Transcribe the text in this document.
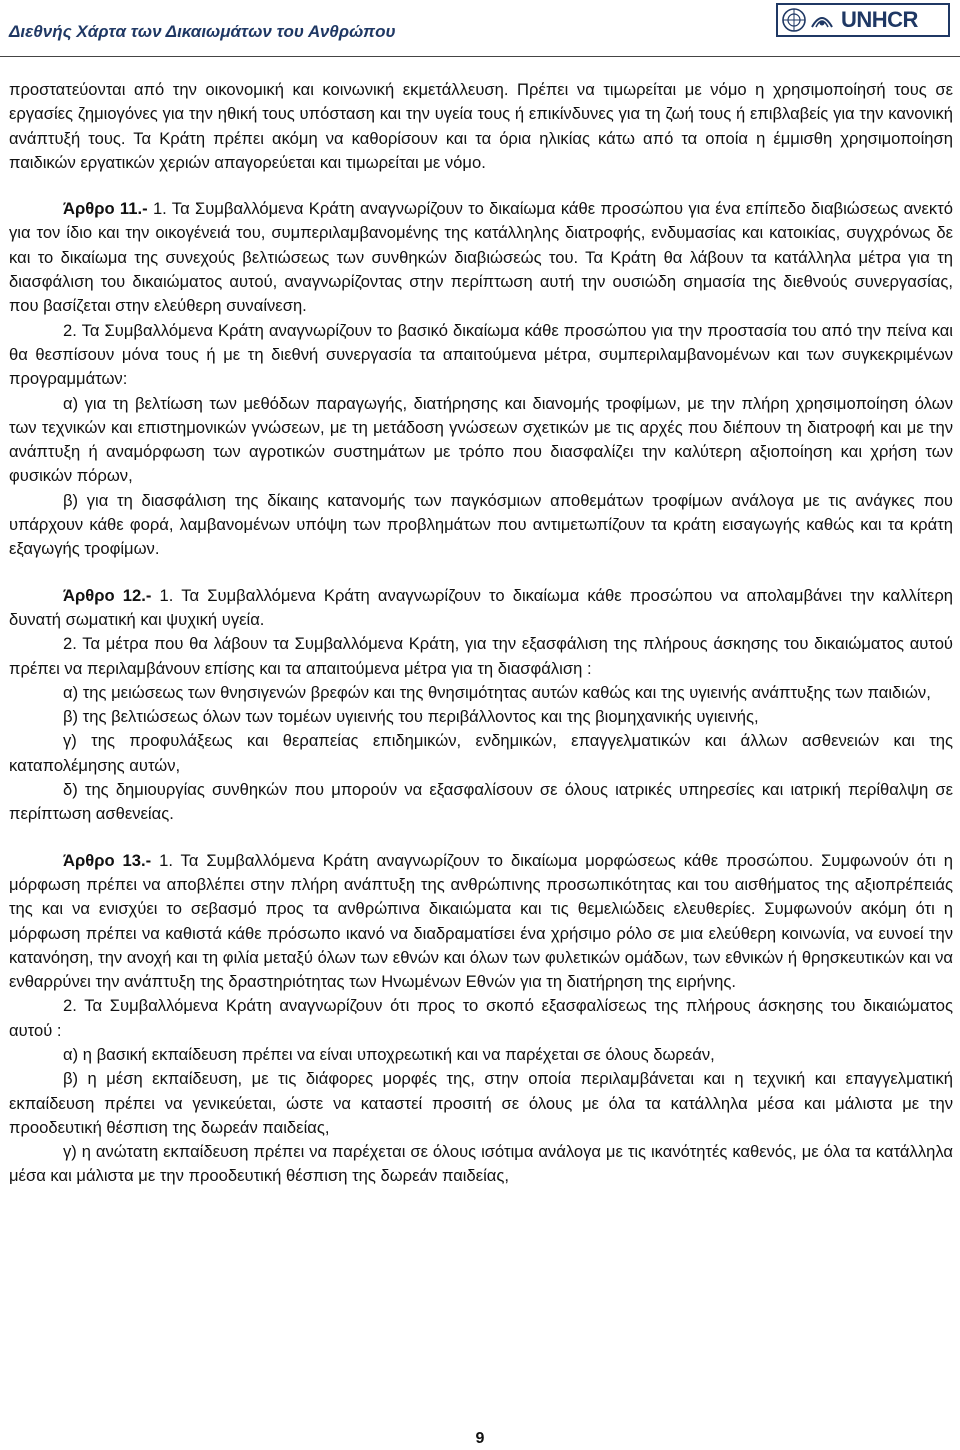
Διεθνής Χάρτα των Δικαιωμάτων του Ανθρώπου	UNHCR

προστατεύονται από την οικονομική και κοινωνική εκμετάλλευση. Πρέπει να τιμωρείται με νόμο η χρησιμοποίησή τους σε εργασίες ζημιογόνες για την ηθική τους υπόσταση και την υγεία τους ή επικίνδυνες για τη ζωή τους ή επιβλαβείς για την κανονική ανάπτυξή τους. Τα Κράτη πρέπει ακόμη να καθορίσουν και τα όρια ηλικίας κάτω από τα οποία η έμμισθη χρησιμοποίηση παιδικών εργατικών χεριών απαγορεύεται και τιμωρείται με νόμο.

Άρθρο 11.- 1. Τα Συμβαλλόμενα Κράτη αναγνωρίζουν το δικαίωμα κάθε προσώπου για ένα επίπεδο διαβιώσεως ανεκτό για τον ίδιο και την οικογένειά του, συμπεριλαμβανομένης της κατάλληλης διατροφής, ενδυμασίας και κατοικίας, συγχρόνως δε και το δικαίωμα της συνεχούς βελτιώσεως των συνθηκών διαβιώσεώς του. Τα Κράτη θα λάβουν τα κατάλληλα μέτρα για τη διασφάλιση του δικαιώματος αυτού, αναγνωρίζοντας στην περίπτωση αυτή την ουσιώδη σημασία της διεθνούς συνεργασίας, που βασίζεται στην ελεύθερη συναίνεση.

2. Τα Συμβαλλόμενα Κράτη αναγνωρίζουν το βασικό δικαίωμα κάθε προσώπου για την προστασία του από την πείνα και θα θεσπίσουν μόνα τους ή με τη διεθνή συνεργασία τα απαιτούμενα μέτρα, συμπεριλαμβανομένων και των συγκεκριμένων προγραμμάτων:

α) για τη βελτίωση των μεθόδων παραγωγής, διατήρησης και διανομής τροφίμων, με την πλήρη χρησιμοποίηση όλων των τεχνικών και επιστημονικών γνώσεων, με τη μετάδοση γνώσεων σχετικών με τις αρχές που διέπουν τη διατροφή και με την ανάπτυξη ή αναμόρφωση των αγροτικών συστημάτων με τρόπο που διασφαλίζει την καλύτερη αξιοποίηση και χρήση των φυσικών πόρων,

β) για τη διασφάλιση της δίκαιης κατανομής των παγκόσμιων αποθεμάτων τροφίμων ανάλογα με τις ανάγκες που υπάρχουν κάθε φορά, λαμβανομένων υπόψη των προβλημάτων που αντιμετωπίζουν τα κράτη εισαγωγής καθώς και τα κράτη εξαγωγής τροφίμων.

Άρθρο 12.- 1. Τα Συμβαλλόμενα Κράτη αναγνωρίζουν το δικαίωμα κάθε προσώπου να απολαμβάνει την καλλίτερη δυνατή σωματική και ψυχική υγεία.

2. Τα μέτρα που θα λάβουν τα Συμβαλλόμενα Κράτη, για την εξασφάλιση της πλήρους άσκησης του δικαιώματος αυτού πρέπει να περιλαμβάνουν επίσης και τα απαιτούμενα μέτρα για τη διασφάλιση :

α) της μειώσεως των θνησιγενών βρεφών και της θνησιμότητας αυτών καθώς και της υγιεινής ανάπτυξης των παιδιών,

β) της βελτιώσεως όλων των τομέων υγιεινής του περιβάλλοντος και της βιομηχανικής υγιεινής,

γ) της προφυλάξεως και θεραπείας επιδημικών, ενδημικών, επαγγελματικών και άλλων ασθενειών και της καταπολέμησης αυτών,

δ) της δημιουργίας συνθηκών που μπορούν να εξασφαλίσουν σε όλους ιατρικές υπηρεσίες και ιατρική περίθαλψη σε περίπτωση ασθενείας.

Άρθρο 13.- 1. Τα Συμβαλλόμενα Κράτη αναγνωρίζουν το δικαίωμα μορφώσεως κάθε προσώπου. Συμφωνούν ότι η μόρφωση πρέπει να αποβλέπει στην πλήρη ανάπτυξη της ανθρώπινης προσωπικότητας και του αισθήματος της αξιοπρέπειάς της και να ενισχύει το σεβασμό προς τα ανθρώπινα δικαιώματα και τις θεμελιώδεις ελευθερίες. Συμφωνούν ακόμη ότι η μόρφωση πρέπει να καθιστά κάθε πρόσωπο ικανό να διαδραματίσει ένα χρήσιμο ρόλο σε μια ελεύθερη κοινωνία, να ευνοεί την κατανόηση, την ανοχή και τη φιλία μεταξύ όλων των εθνών και όλων των φυλετικών ομάδων, των εθνικών ή θρησκευτικών και να ενθαρρύνει την ανάπτυξη της δραστηριότητας των Ηνωμένων Εθνών για τη διατήρηση της ειρήνης.

2. Τα Συμβαλλόμενα Κράτη αναγνωρίζουν ότι προς το σκοπό εξασφαλίσεως της πλήρους άσκησης του δικαιώματος αυτού :

α) η βασική εκπαίδευση πρέπει να είναι υποχρεωτική και να παρέχεται σε όλους δωρεάν,

β) η μέση εκπαίδευση, με τις διάφορες μορφές της, στην οποία περιλαμβάνεται και η τεχνική και επαγγελματική εκπαίδευση πρέπει να γενικεύεται, ώστε να καταστεί προσιτή σε όλους με όλα τα κατάλληλα μέσα και μάλιστα με την προοδευτική θέσπιση της δωρεάν παιδείας,

γ) η ανώτατη εκπαίδευση πρέπει να παρέχεται σε όλους ισότιμα ανάλογα με τις ικανότητές καθενός, με όλα τα κατάλληλα μέσα και μάλιστα με την προοδευτική θέσπιση της δωρεάν παιδείας,

9
